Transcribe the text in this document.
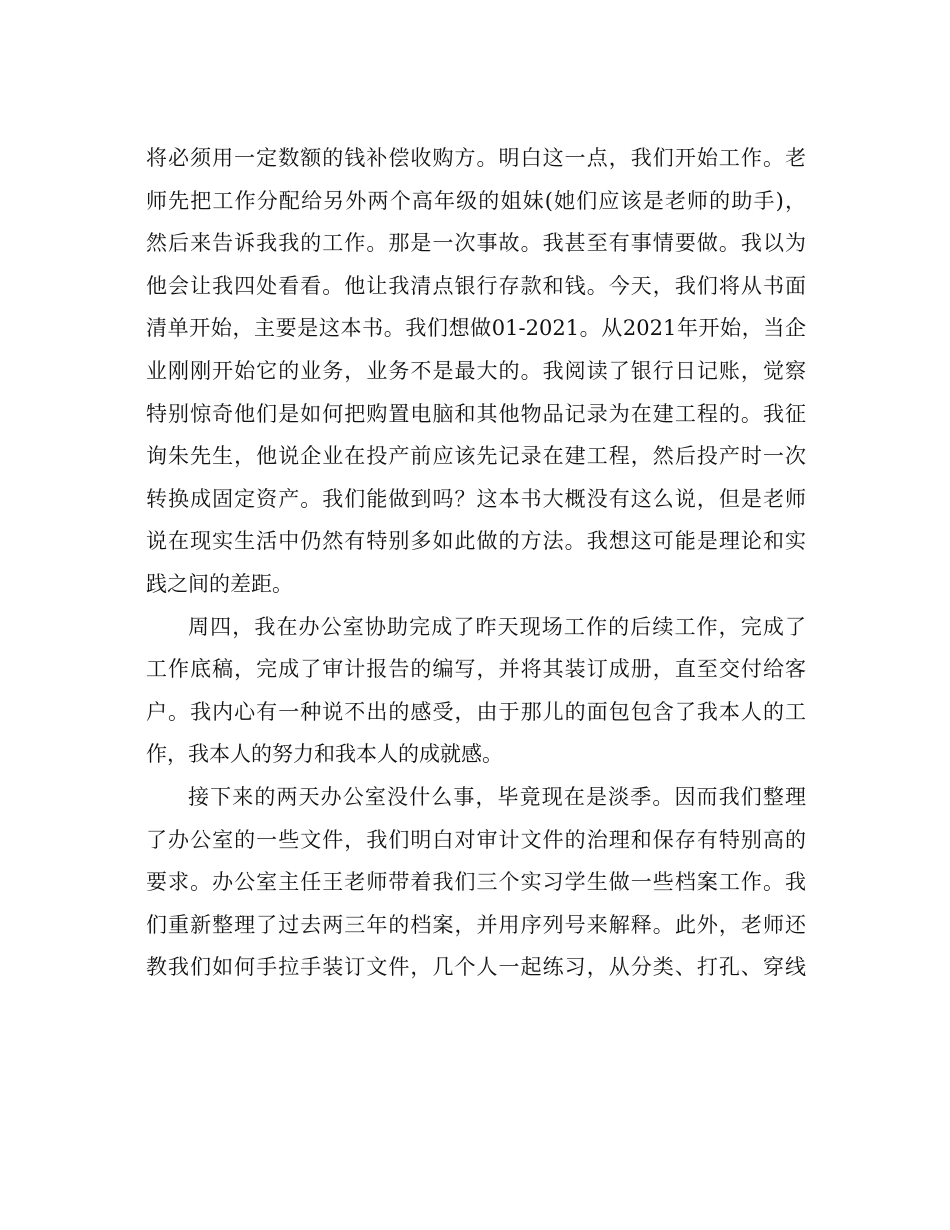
将必须用一定数额的钱补偿收购方。明白这一点，我们开始工作。老
师先把工作分配给另外两个高年级的姐妹(她们应该是老师的助手)，
然后来告诉我我的工作。那是一次事故。我甚至有事情要做。我以为
他会让我四处看看。他让我清点银行存款和钱。今天，我们将从书面
清单开始，主要是这本书。我们想做01-2021。从2021年开始，当企
业刚刚开始它的业务，业务不是最大的。我阅读了银行日记账，觉察
特别惊奇他们是如何把购置电脑和其他物品记录为在建工程的。我征
询朱先生，他说企业在投产前应该先记录在建工程，然后投产时一次
转换成固定资产。我们能做到吗？这本书大概没有这么说，但是老师
说在现实生活中仍然有特别多如此做的方法。我想这可能是理论和实
践之间的差距。
周四，我在办公室协助完成了昨天现场工作的后续工作，完成了
工作底稿，完成了审计报告的编写，并将其装订成册，直至交付给客
户。我内心有一种说不出的感受，由于那儿的面包包含了我本人的工
作，我本人的努力和我本人的成就感。
接下来的两天办公室没什么事，毕竟现在是淡季。因而我们整理
了办公室的一些文件，我们明白对审计文件的治理和保存有特别高的
要求。办公室主任王老师带着我们三个实习学生做一些档案工作。我
们重新整理了过去两三年的档案，并用序列号来解释。此外，老师还
教我们如何手拉手装订文件，几个人一起练习，从分类、打孔、穿线
